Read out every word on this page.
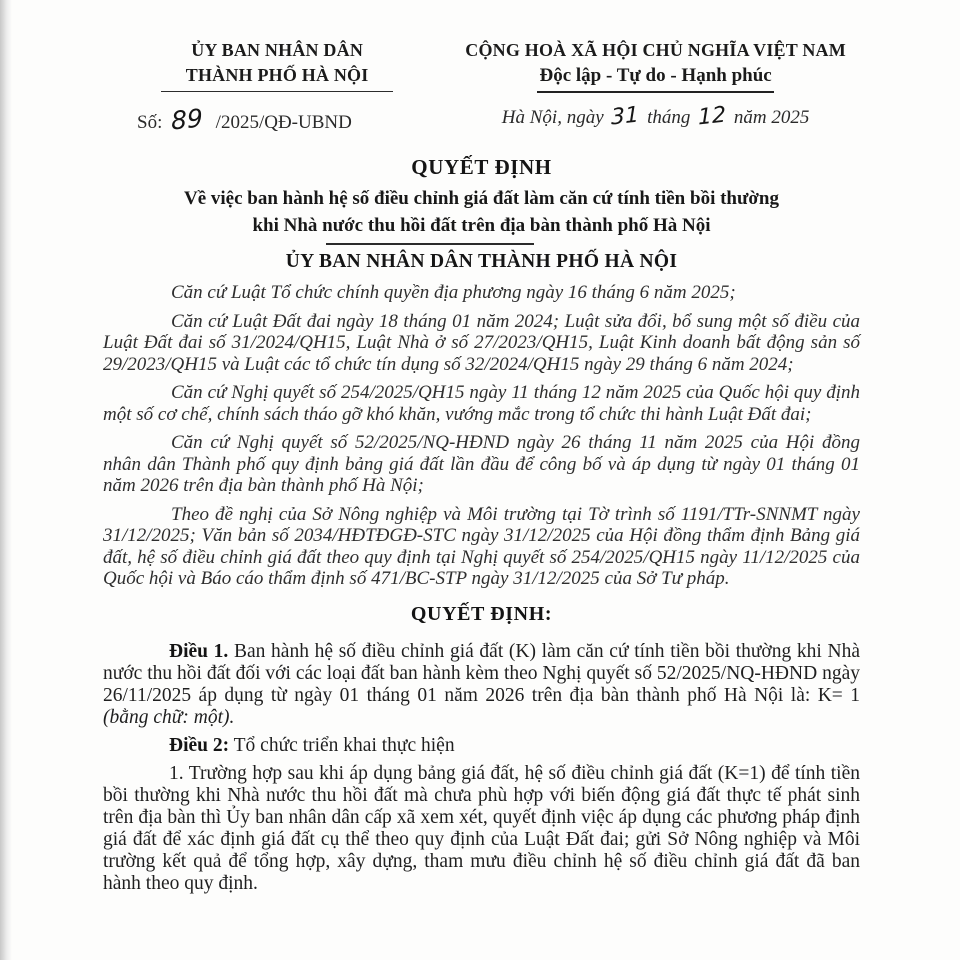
ỦY BAN NHÂN DÂN
THÀNH PHỐ HÀ NỘI
Số: 89 /2025/QĐ-UBND
CỘNG HOÀ XÃ HỘI CHỦ NGHĨA VIỆT NAM
Độc lập - Tự do - Hạnh phúc
Hà Nội, ngày 31 tháng 12 năm 2025
QUYẾT ĐỊNH
Về việc ban hành hệ số điều chỉnh giá đất làm căn cứ tính tiền bồi thường
khi Nhà nước thu hồi đất trên địa bàn thành phố Hà Nội
ỦY BAN NHÂN DÂN THÀNH PHỐ HÀ NỘI

Căn cứ Luật Tổ chức chính quyền địa phương ngày 16 tháng 6 năm 2025;

Căn cứ Luật Đất đai ngày 18 tháng 01 năm 2024; Luật sửa đổi, bổ sung một số điều của Luật Đất đai số 31/2024/QH15, Luật Nhà ở số 27/2023/QH15, Luật Kinh doanh bất động sản số 29/2023/QH15 và Luật các tổ chức tín dụng số 32/2024/QH15 ngày 29 tháng 6 năm 2024;

Căn cứ Nghị quyết số 254/2025/QH15 ngày 11 tháng 12 năm 2025 của Quốc hội quy định một số cơ chế, chính sách tháo gỡ khó khăn, vướng mắc trong tổ chức thi hành Luật Đất đai;

Căn cứ Nghị quyết số 52/2025/NQ-HĐND ngày 26 tháng 11 năm 2025 của Hội đồng nhân dân Thành phố quy định bảng giá đất lần đầu để công bố và áp dụng từ ngày 01 tháng 01 năm 2026 trên địa bàn thành phố Hà Nội;

Theo đề nghị của Sở Nông nghiệp và Môi trường tại Tờ trình số 1191/TTr-SNNMT ngày 31/12/2025; Văn bản số 2034/HĐTĐGĐ-STC ngày 31/12/2025 của Hội đồng thẩm định Bảng giá đất, hệ số điều chỉnh giá đất theo quy định tại Nghị quyết số 254/2025/QH15 ngày 11/12/2025 của Quốc hội và Báo cáo thẩm định số 471/BC-STP ngày 31/12/2025 của Sở Tư pháp.

QUYẾT ĐỊNH:

Điều 1. Ban hành hệ số điều chỉnh giá đất (K) làm căn cứ tính tiền bồi thường khi Nhà nước thu hồi đất đối với các loại đất ban hành kèm theo Nghị quyết số 52/2025/NQ-HĐND ngày 26/11/2025 áp dụng từ ngày 01 tháng 01 năm 2026 trên địa bàn thành phố Hà Nội là: K= 1 (bằng chữ: một).

Điều 2: Tổ chức triển khai thực hiện

1. Trường hợp sau khi áp dụng bảng giá đất, hệ số điều chỉnh giá đất (K=1) để tính tiền bồi thường khi Nhà nước thu hồi đất mà chưa phù hợp với biến động giá đất thực tế phát sinh trên địa bàn thì Ủy ban nhân dân cấp xã xem xét, quyết định việc áp dụng các phương pháp định giá đất để xác định giá đất cụ thể theo quy định của Luật Đất đai; gửi Sở Nông nghiệp và Môi trường kết quả để tổng hợp, xây dựng, tham mưu điều chỉnh hệ số điều chỉnh giá đất đã ban hành theo quy định.
